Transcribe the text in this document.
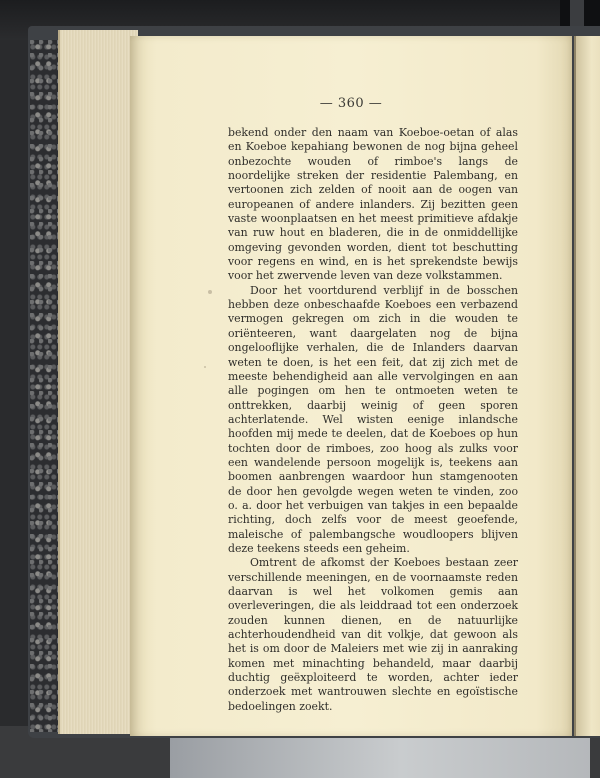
— 360 —

bekend onder den naam van Koeboe-oetan of alas en Koeboe kepahiang bewonen de nog bijna geheel onbezochte wouden of rimboe's langs de noordelijke streken der residentie Palembang, en vertoonen zich zelden of nooit aan de oogen van europeanen of andere inlanders. Zij bezitten geen vaste woonplaatsen en het meest primitieve afdakje van ruw hout en bladeren, die in de onmiddellijke omgeving gevonden worden, dient tot beschutting voor regens en wind, en is het sprekendste bewijs voor het zwervende leven van deze volkstammen.

Door het voortdurend verblijf in de bosschen hebben deze onbeschaafde Koeboes een verbazend vermogen gekregen om zich in die wouden te oriënteeren, want daargelaten nog de bijna ongelooflijke verhalen, die de Inlanders daarvan weten te doen, is het een feit, dat zij zich met de meeste behendigheid aan alle vervolgingen en aan alle pogingen om hen te ontmoeten weten te onttrekken, daarbij weinig of geen sporen achterlatende. Wel wisten eenige inlandsche hoofden mij mede te deelen, dat de Koeboes op hun tochten door de rimboes, zoo hoog als zulks voor een wandelende persoon mogelijk is, teekens aan boomen aanbrengen waardoor hun stamgenooten de door hen gevolgde wegen weten te vinden, zoo o. a. door het verbuigen van takjes in een bepaalde richting, doch zelfs voor de meest geoefende, maleische of palembangsche woudloopers blijven deze teekens steeds een geheim.

Omtrent de afkomst der Koeboes bestaan zeer verschillende meeningen, en de voornaamste reden daarvan is wel het volkomen gemis aan overleveringen, die als leiddraad tot een onderzoek zouden kunnen dienen, en de natuurlijke achterhoudendheid van dit volkje, dat gewoon als het is om door de Maleiers met wie zij in aanraking komen met minachting behandeld, maar daarbij duchtig geëxploiteerd te worden, achter ieder onderzoek met wantrouwen slechte en egoïstische bedoelingen zoekt.
